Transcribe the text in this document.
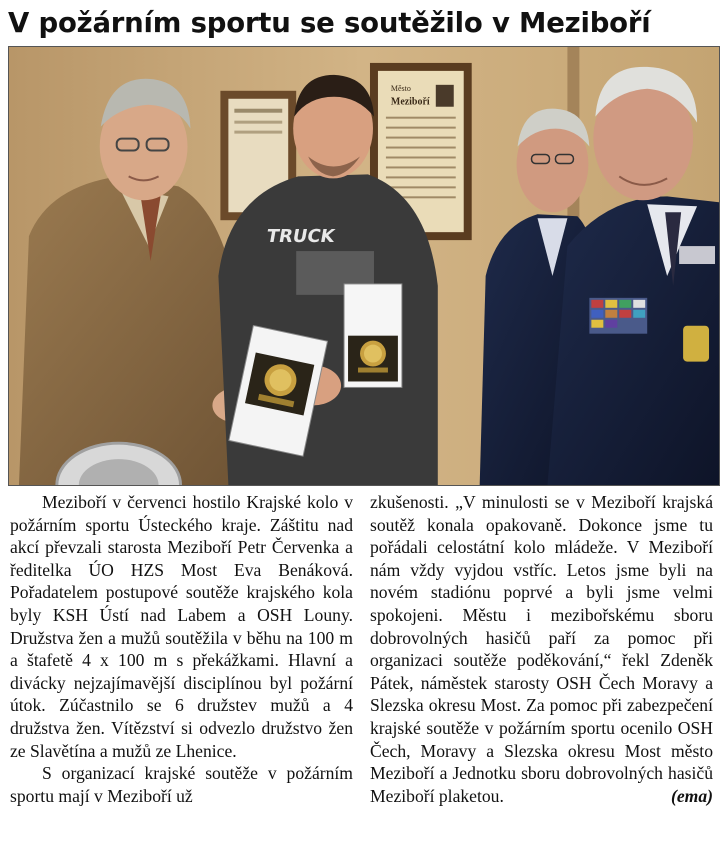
V požárním sportu se soutěžilo v Meziboří
Město
Meziboří
TRUCK

Meziboří v červenci hostilo Krajské kolo v požárním sportu Ústeckého kraje. Záštitu nad akcí převzali starosta Meziboří Petr Červenka a ředitelka ÚO HZS Most Eva Benáková. Pořadatelem postupové soutěže krajského kola byly KSH Ústí nad Labem a OSH Louny. Družstva žen a mužů soutěžila v běhu na 100 m a štafetě 4 x 100 m s překážkami. Hlavní a divácky nejzajímavější disciplínou byl požární útok. Zúčastnilo se 6 družstev mužů a 4 družstva žen. Vítězství si odvezlo družstvo žen ze Slavětína a mužů ze Lhenice.

S organizací krajské soutěže v požárním sportu mají v Meziboří už

zkušenosti. „V minulosti se v Meziboří krajská soutěž konala opakovaně. Dokonce jsme tu pořádali celostátní kolo mládeže. V Meziboří nám vždy vyjdou vstříc. Letos jsme byli na novém stadiónu poprvé a byli jsme velmi spokojeni. Městu i mezibořskému sboru dobrovolných hasičů paří za pomoc při organizaci soutěže poděkování,“ řekl Zdeněk Pátek, náměstek starosty OSH Čech Moravy a Slezska okresu Most. Za pomoc při zabezpečení krajské soutěže v požárním sportu ocenilo OSH Čech, Moravy a Slezska okresu Most město Meziboří a Jednotku sboru dobrovolných hasičů Meziboří plaketou.	(ema)
